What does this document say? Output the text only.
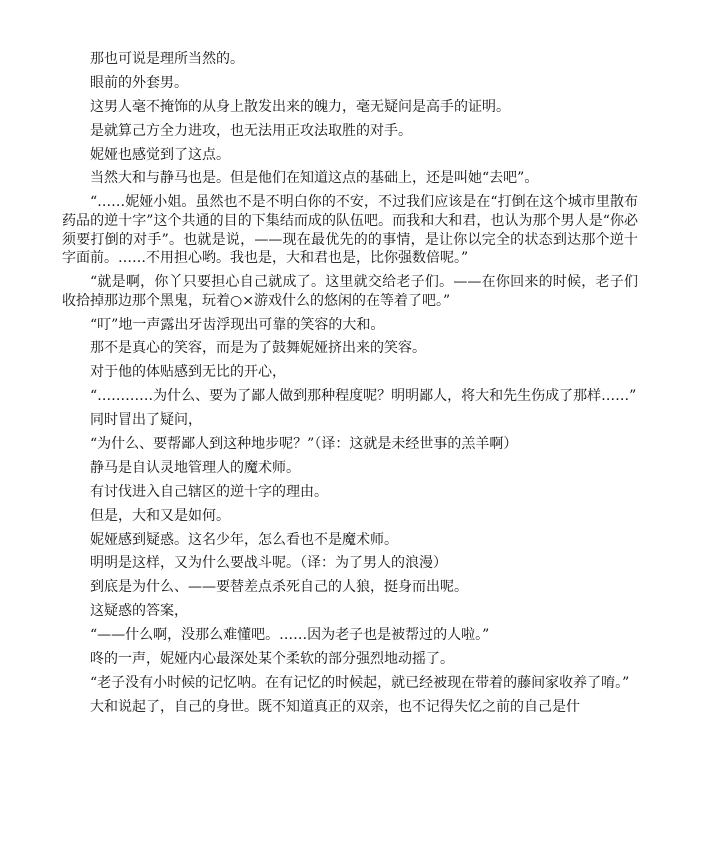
那也可说是理所当然的。

眼前的外套男。

这男人毫不掩饰的从身上散发出来的魄力，毫无疑问是高手的证明。

是就算己方全力进攻，也无法用正攻法取胜的对手。

妮娅也感觉到了这点。

当然大和与静马也是。但是他们在知道这点的基础上，还是叫她“去吧”。

“……妮娅小姐。虽然也不是不明白你的不安，不过我们应该是在“打倒在这个城市里散布药品的逆十字”这个共通的目的下集结而成的队伍吧。而我和大和君，也认为那个男人是“你必须要打倒的对手”。也就是说，——现在最优先的的事情，是让你以完全的状态到达那个逆十字面前。……不用担心哟。我也是，大和君也是，比你强数倍呢。”

“就是啊，你丫只要担心自己就成了。这里就交给老子们。——在你回来的时候，老子们收拾掉那边那个黑鬼，玩着○×游戏什么的悠闲的在等着了吧。”

“叮”地一声露出牙齿浮现出可靠的笑容的大和。

那不是真心的笑容，而是为了鼓舞妮娅挤出来的笑容。

对于他的体贴感到无比的开心，

“…………为什么、要为了鄙人做到那种程度呢？明明鄙人，将大和先生伤成了那样……”

同时冒出了疑问，

“为什么、要帮鄙人到这种地步呢？”（译：这就是未经世事的羔羊啊）

静马是自认灵地管理人的魔术师。

有讨伐进入自己辖区的逆十字的理由。

但是，大和又是如何。

妮娅感到疑惑。这名少年，怎么看也不是魔术师。

明明是这样，又为什么要战斗呢。（译：为了男人的浪漫）

到底是为什么、——要替差点杀死自己的人狼，挺身而出呢。

这疑惑的答案，

“——什么啊，没那么难懂吧。……因为老子也是被帮过的人啦。”

咚的一声，妮娅内心最深处某个柔软的部分强烈地动摇了。

“老子没有小时候的记忆呐。在有记忆的时候起，就已经被现在带着的藤间家收养了唷。”

大和说起了，自己的身世。既不知道真正的双亲，也不记得失忆之前的自己是什
